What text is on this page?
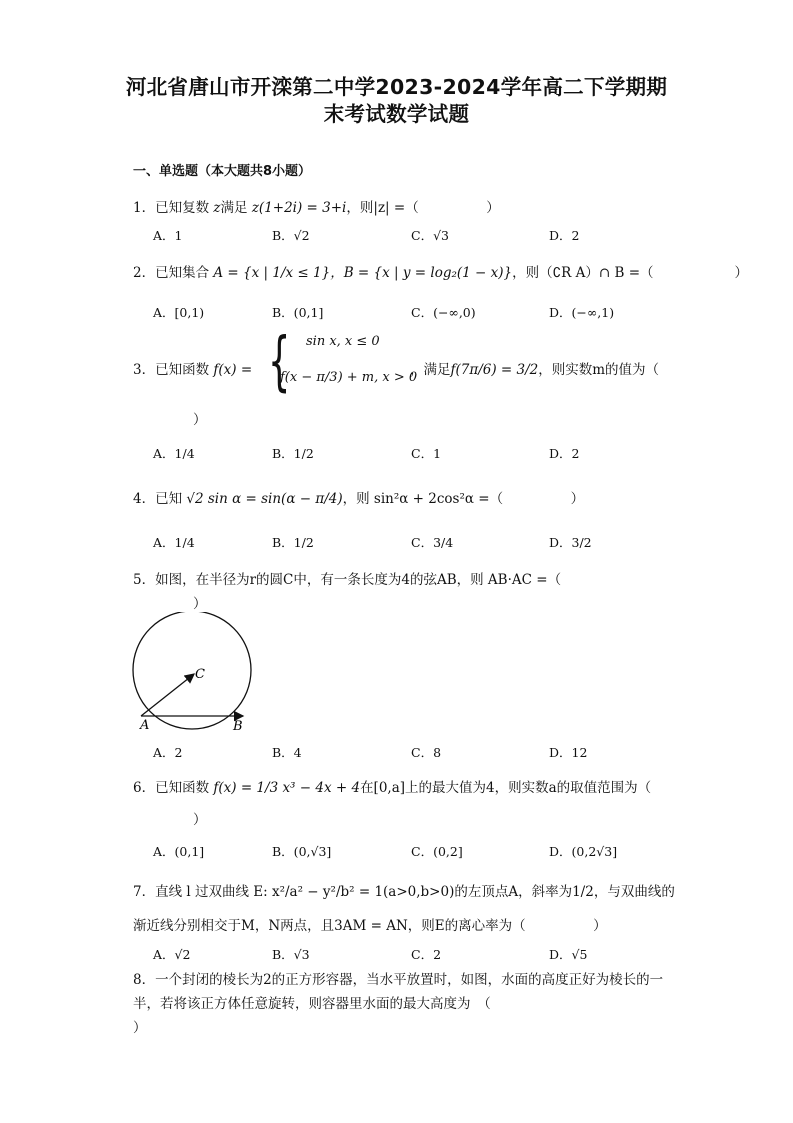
河北省唐山市开滦第二中学2023-2024学年高二下学期期
末考试数学试题
一、单选题（本大题共8小题）
1．已知复数 z满足 z(1+2i) = 3+i，则|z| =（　　　　　）
A．1	B．√2	C．√3	D．2
2．已知集合 A = {x | 1/x ≤ 1}，B = {x | y = log₂(1 − x)}，则（∁R A）∩ B =（　　　　　　）
A．[0,1)	B．(0,1]	C．(−∞,0)	D．(−∞,1)
3．已知函数 f(x) = { sin x, x ≤ 0
f(x − π/3) + m, x > 0
，满足f(7π/6) = 3/2，则实数m的值为（
）
A．1/4	B．1/2	C．1	D．2
4．已知 √2 sin α = sin(α − π/4)，则 sin²α + 2cos²α =（　　　　　）
A．1/4	B．1/2	C．3/4	D．3/2
5．如图，在半径为r的圆C中，有一条长度为4的弦AB，则 AB·AC =（
）
C
A	B
A．2	B．4	C．8	D．12
6．已知函数 f(x) = 1/3 x³ − 4x + 4在[0,a]上的最大值为4，则实数a的取值范围为（
）
A．(0,1]	B．(0,√3]	C．(0,2]	D．(0,2√3]
7．直线 l 过双曲线 E: x²/a² − y²/b² = 1(a>0,b>0)的左顶点A，斜率为1/2，与双曲线的
渐近线分别相交于M，N两点，且3AM = AN，则E的离心率为（　　　　　）
A．√2	B．√3	C．2	D．√5
8．一个封闭的棱长为2的正方形容器，当水平放置时，如图，水面的高度正好为棱长的一半，若将该正方体任意旋转，则容器里水面的最大高度为　（
）
